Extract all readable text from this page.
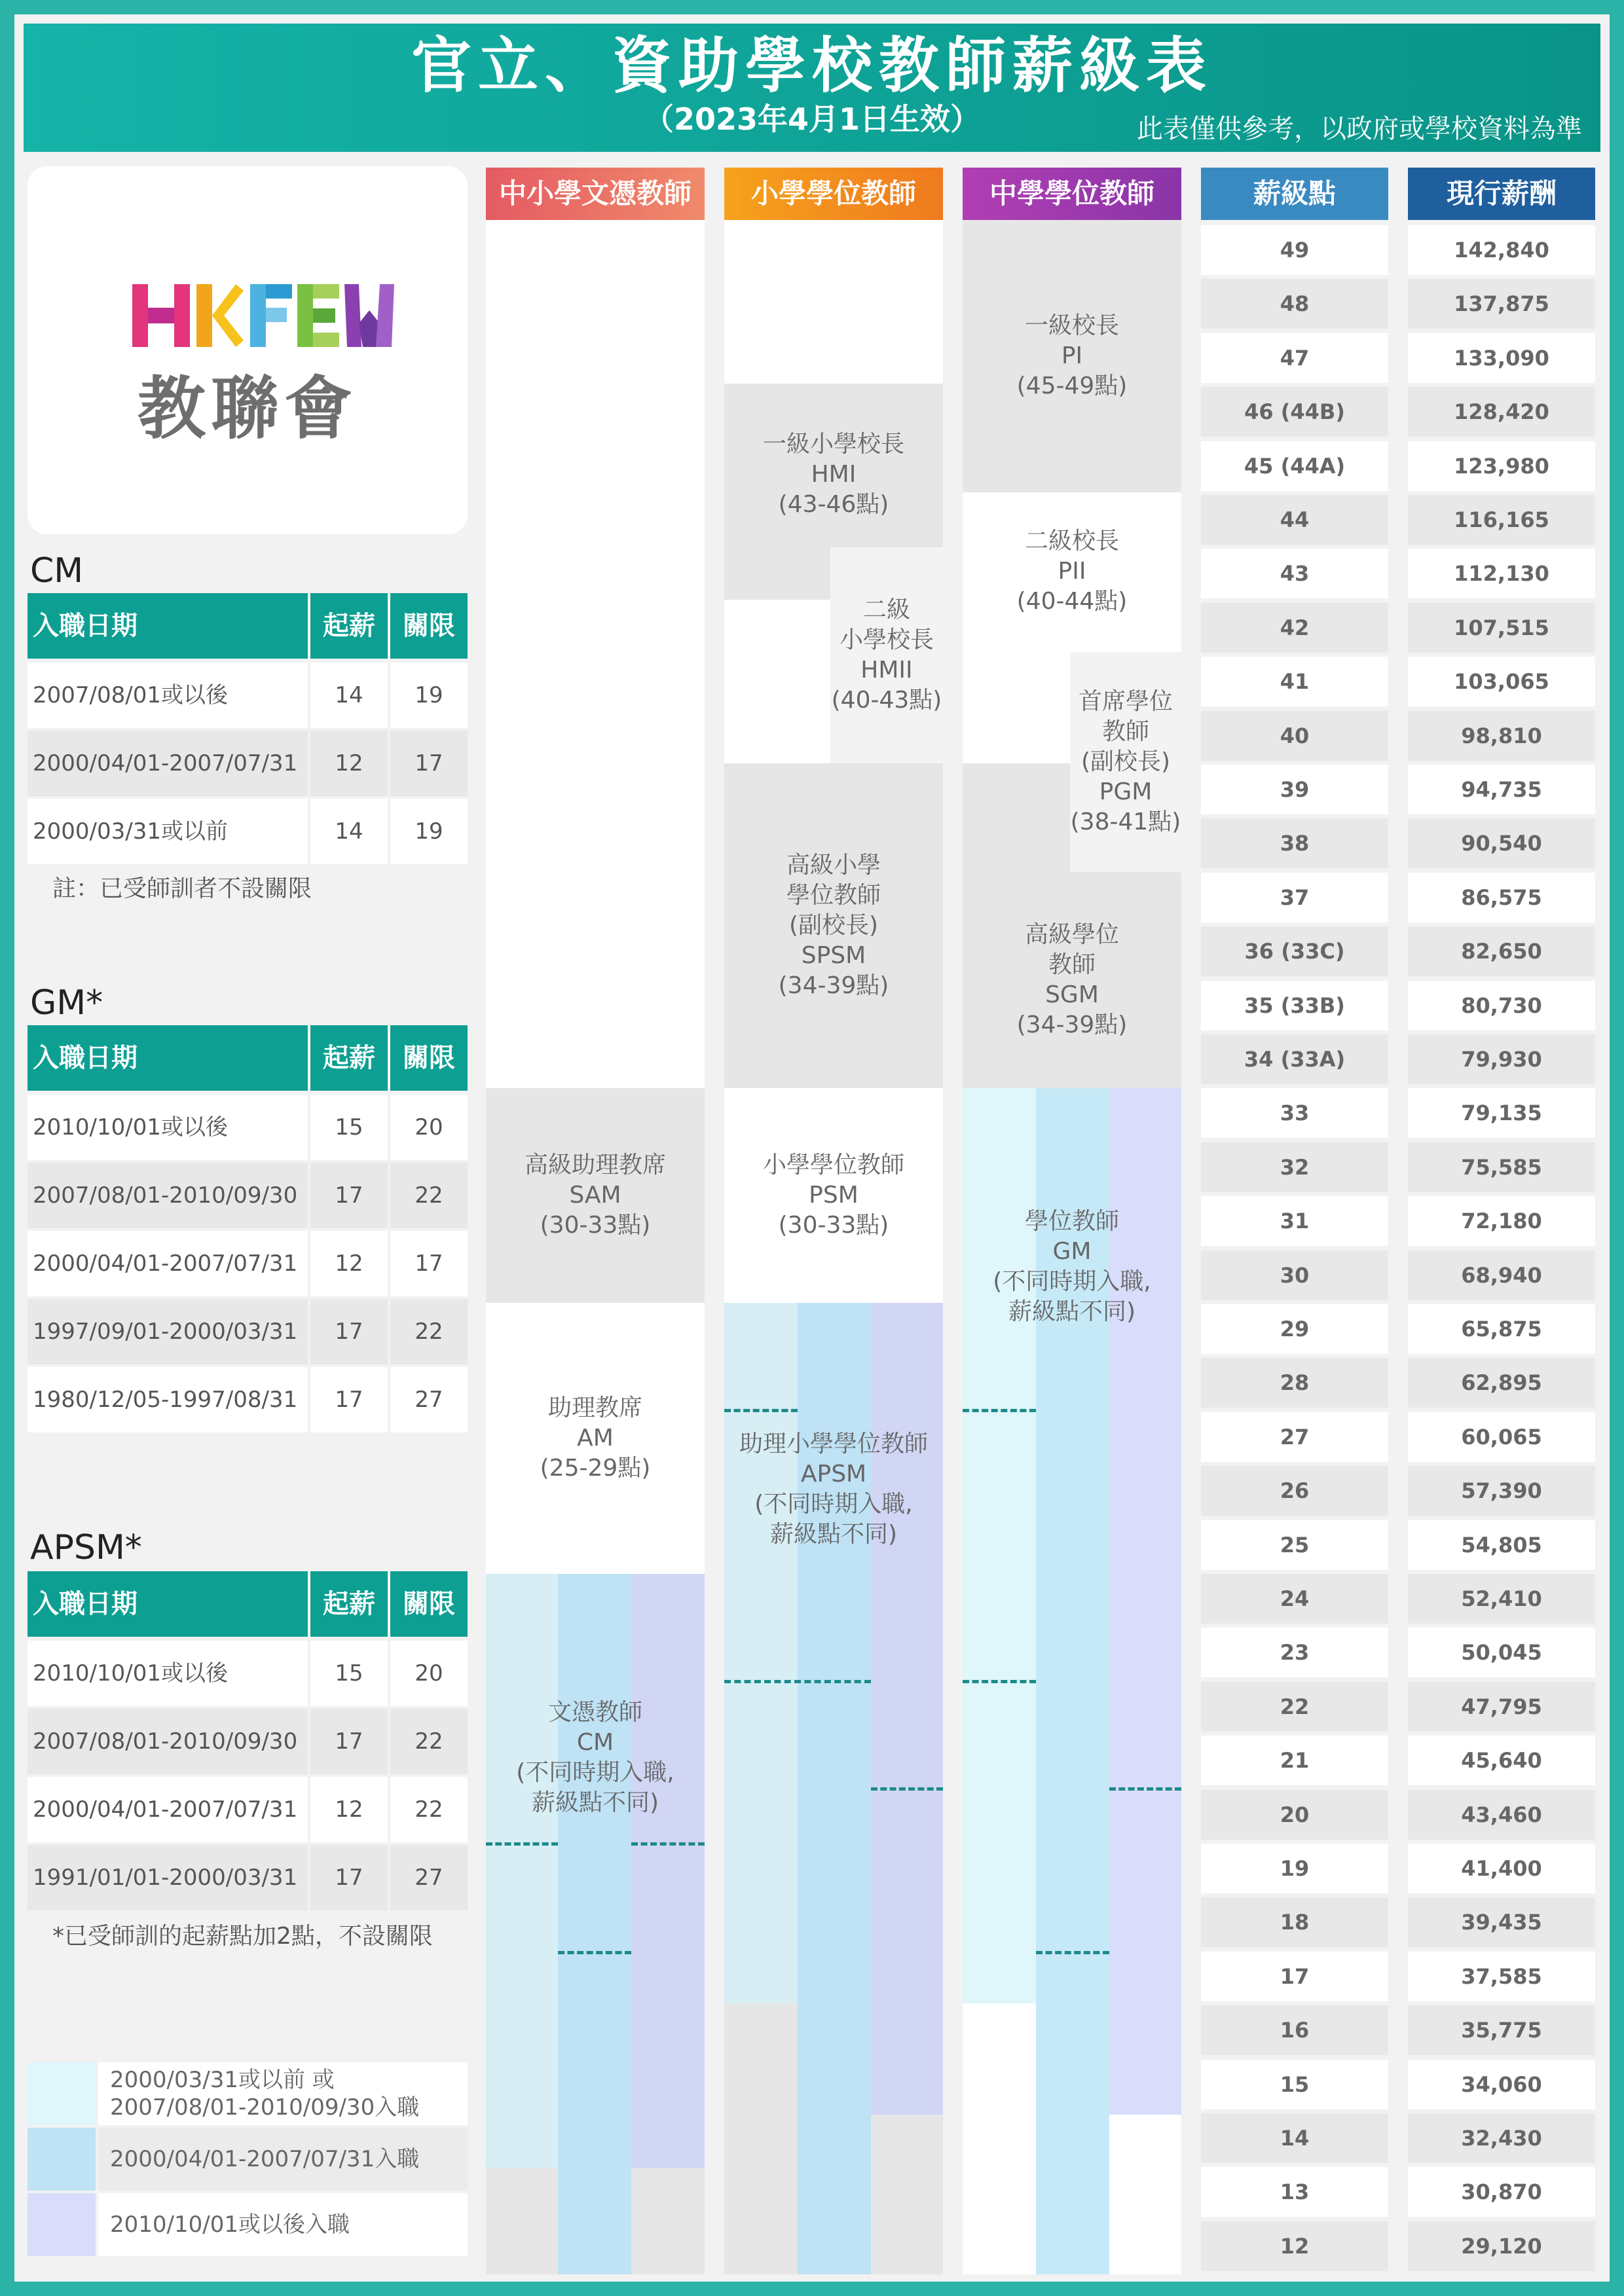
官立、資助學校教師薪級表
（2023年4月1日生效）	此表僅供參考，以政府或學校資料為準
教聯會
CM
入職日期	起薪	關限
2007/08/01或以後	14	19
2000/04/01-2007/07/31	12	17
2000/03/31或以前	14	19
註：已受師訓者不設關限
GM*
入職日期	起薪	關限
2010/10/01或以後	15	20
2007/08/01-2010/09/30	17	22
2000/04/01-2007/07/31	12	17
1997/09/01-2000/03/31	17	22
1980/12/05-1997/08/31	17	27
APSM*
入職日期	起薪	關限
2010/10/01或以後	15	20
2007/08/01-2010/09/30	17	22
2000/04/01-2007/07/31	12	22
1991/01/01-2000/03/31	17	27
*已受師訓的起薪點加2點，不設關限
2000/03/31或以前 或
2007/08/01-2010/09/30入職
2000/04/01-2007/07/31入職
2010/10/01或以後入職
中小學文憑教師	小學學位教師	中學學位教師	薪級點	現行薪酬
高級助理教席
SAM
(30-33點)
助理教席
AM
(25-29點)
文憑教師
CM
(不同時期入職,
薪級點不同)
一級小學校長
HMI
(43-46點)
二級
小學校長
HMII
(40-43點)
高級小學
學位教師
(副校長)
SPSM
(34-39點)
小學學位教師
PSM
(30-33點)
助理小學學位教師
APSM
(不同時期入職,
薪級點不同)
一級校長
PI
(45-49點)
二級校長
PII
(40-44點)
首席學位
教師
(副校長)
PGM
(38-41點)
高級學位
教師
SGM
(34-39點)
學位教師
GM
(不同時期入職,
薪級點不同)
49	142,840
48	137,875
47	133,090
46 (44B)	128,420
45 (44A)	123,980
44	116,165
43	112,130
42	107,515
41	103,065
40	98,810
39	94,735
38	90,540
37	86,575
36 (33C)	82,650
35 (33B)	80,730
34 (33A)	79,930
33	79,135
32	75,585
31	72,180
30	68,940
29	65,875
28	62,895
27	60,065
26	57,390
25	54,805
24	52,410
23	50,045
22	47,795
21	45,640
20	43,460
19	41,400
18	39,435
17	37,585
16	35,775
15	34,060
14	32,430
13	30,870
12	29,120
